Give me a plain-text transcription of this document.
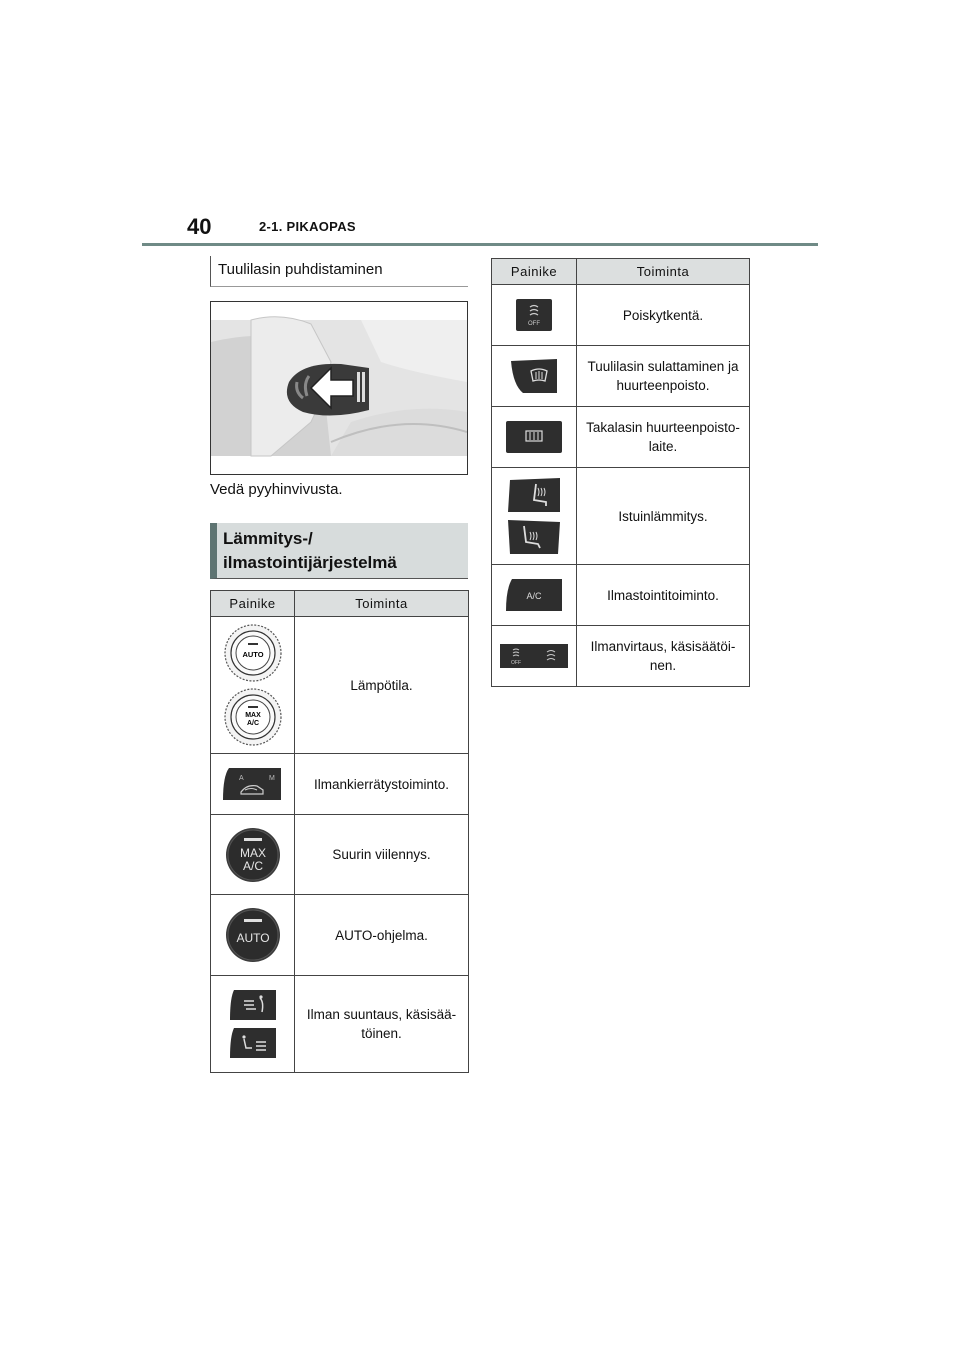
40	2-1. PIKAOPAS
Tuulilasin puhdistaminen
Vedä pyyhinvivusta.
Lämmitys-/
ilmastointijärjestelmä
Painike	Toiminta

AUTO
MAX
A/C	Lämpötila.

A M	Ilmankierrätystoiminto.

MAX
A/C	Suurin viilennys.

AUTO	AUTO-ohjelma.

	Ilman suuntaus, käsisää-
töinen.
Painike	Toiminta

OFF	Poiskytkentä.

	Tuulilasin sulattaminen ja
huurteenpoisto.

	Takalasin huurteenpoisto-
laite.

	Istuinlämmitys.

A/C	Ilmastointitoiminto.

OFF	Ilmanvirtaus, käsisäätöi-
nen.
